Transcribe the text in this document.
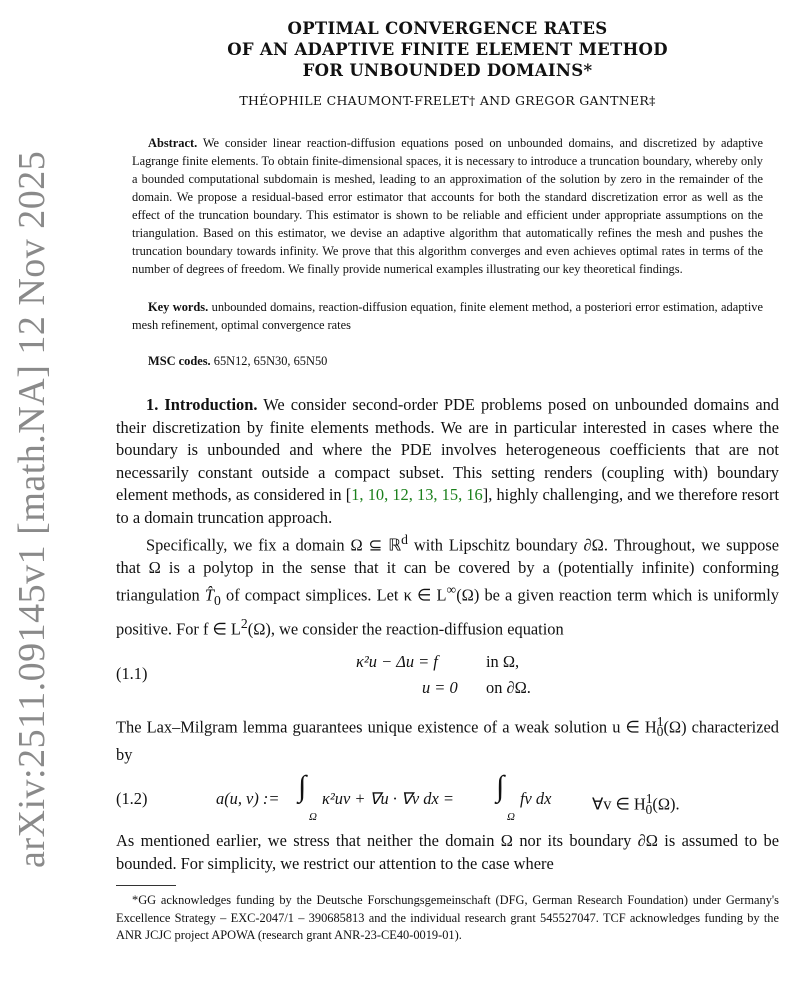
arXiv:2511.09145v1 [math.NA] 12 Nov 2025
OPTIMAL CONVERGENCE RATES
OF AN ADAPTIVE FINITE ELEMENT METHOD
FOR UNBOUNDED DOMAINS*
THÉOPHILE CHAUMONT-FRELET† AND GREGOR GANTNER‡
Abstract. We consider linear reaction-diffusion equations posed on unbounded domains, and discretized by adaptive Lagrange finite elements. To obtain finite-dimensional spaces, it is necessary to introduce a truncation boundary, whereby only a bounded computational subdomain is meshed, leading to an approximation of the solution by zero in the remainder of the domain. We propose a residual-based error estimator that accounts for both the standard discretization error as well as the effect of the truncation boundary. This estimator is shown to be reliable and efficient under appropriate assumptions on the triangulation. Based on this estimator, we devise an adaptive algorithm that automatically refines the mesh and pushes the truncation boundary towards infinity. We prove that this algorithm converges and even achieves optimal rates in terms of the number of degrees of freedom. We finally provide numerical examples illustrating our key theoretical findings.
Key words. unbounded domains, reaction-diffusion equation, finite element method, a posteriori error estimation, adaptive mesh refinement, optimal convergence rates
MSC codes. 65N12, 65N30, 65N50

1. Introduction. We consider second-order PDE problems posed on unbounded domains and their discretization by finite elements methods. We are in particular interested in cases where the boundary is unbounded and where the PDE involves heterogeneous coefficients that are not necessarily constant outside a compact subset. This setting renders (coupling with) boundary element methods, as considered in [1, 10, 12, 13, 15, 16], highly challenging, and we therefore resort to a domain truncation approach.

Specifically, we fix a domain Ω ⊆ ℝ$^d$ with Lipschitz boundary ∂Ω. Throughout, we suppose that Ω is a polytop in the sense that it can be covered by a (potentially infinite) conforming triangulation $T̂_0$ of compact simplices. Let κ ∈ L∞(Ω) be a given reaction term which is uniformly positive. For f ∈ $L^2(\Omega)$, we consider the reaction-diffusion equation

(1.1)
κ²u − Δu = f	in Ω,
u = 0 on ∂Ω.

The Lax–Milgram lemma guarantees unique existence of a weak solution u ∈ $H^1_0(\Omega)$ characterized by

(1.2)	a(u, v) := ∫
Ω
κ²uv + ∇u · ∇v dx = ∫
Ω
fv dx ∀v ∈ $H^1_0(\Omega)$.

As mentioned earlier, we stress that neither the domain Ω nor its boundary ∂Ω is assumed to be bounded. For simplicity, we restrict our attention to the case where

*GG acknowledges funding by the Deutsche Forschungsgemeinschaft (DFG, German Research Foundation) under Germany's Excellence Strategy – EXC-2047/1 – 390685813 and the individual research grant 545527047. TCF acknowledges funding by the ANR JCJC project APOWA (research grant ANR-23-CE40-0019-01).
